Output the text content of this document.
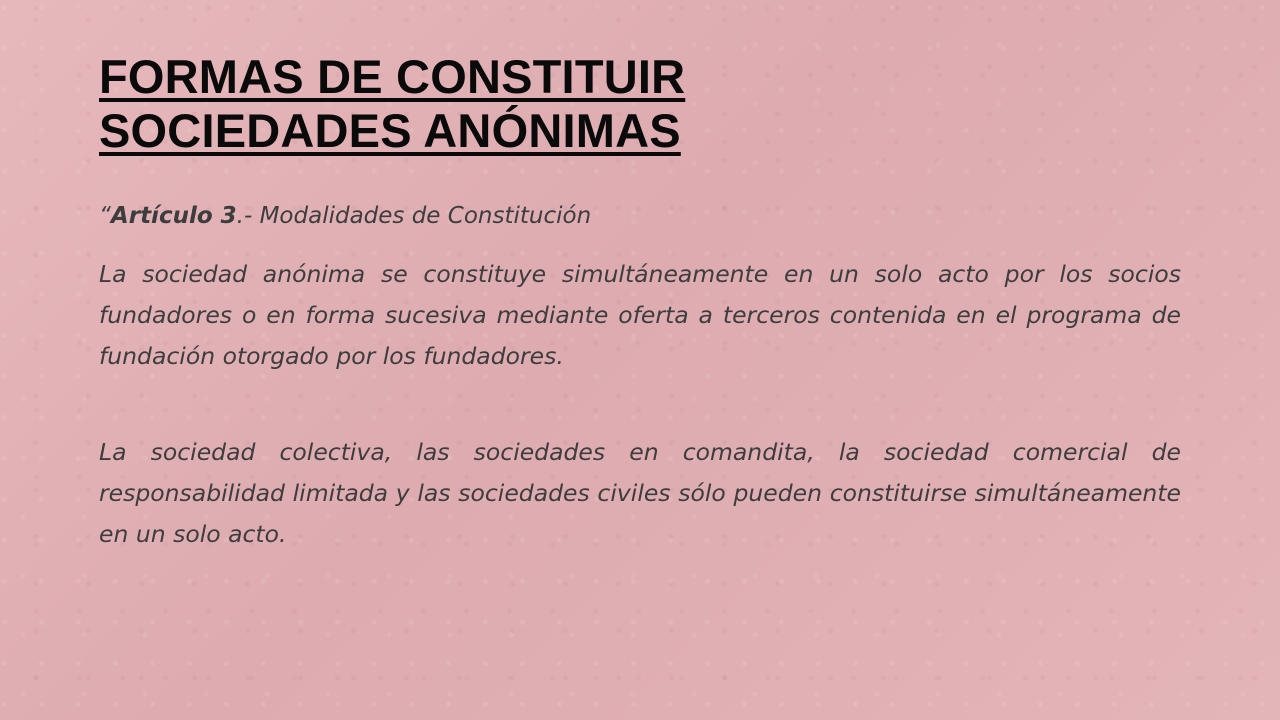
FORMAS DE CONSTITUIR
SOCIEDADES ANÓNIMAS

“Artículo 3.- Modalidades de Constitución

La sociedad anónima se constituye simultáneamente en un solo acto por los socios fundadores o en forma sucesiva mediante oferta a terceros contenida en el programa de fundación otorgado por los fundadores.

La sociedad colectiva, las sociedades en comandita, la sociedad comercial de responsabilidad limitada y las sociedades civiles sólo pueden constituirse simultáneamente en un solo acto.
